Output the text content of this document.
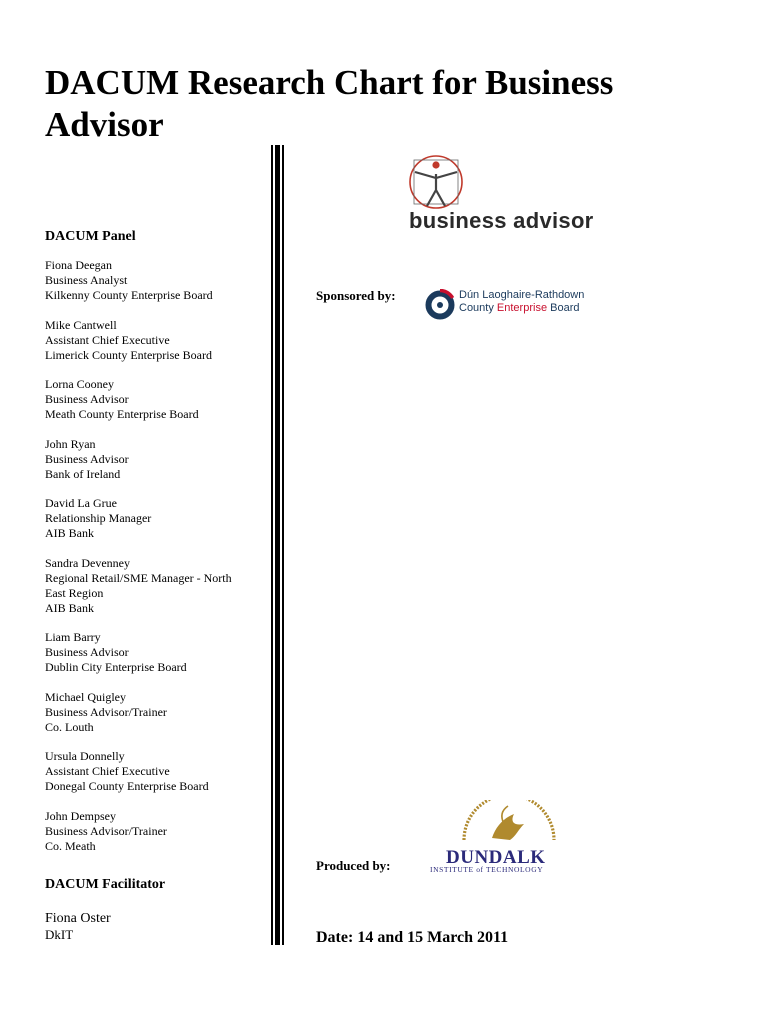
DACUM Research Chart for Business Advisor
DACUM Panel
Fiona Deegan
Business Analyst
Kilkenny County Enterprise Board
Mike Cantwell
Assistant Chief Executive
Limerick County Enterprise Board
Lorna Cooney
Business Advisor
Meath County Enterprise Board
John Ryan
Business Advisor
Bank of Ireland
David La Grue
Relationship Manager
AIB Bank
Sandra Devenney
Regional Retail/SME Manager - North
East Region
AIB Bank
Liam Barry
Business Advisor
Dublin City Enterprise Board
Michael Quigley
Business Advisor/Trainer
Co. Louth
Ursula Donnelly
Assistant Chief Executive
Donegal County Enterprise Board
John Dempsey
Business Advisor/Trainer
Co. Meath
DACUM Facilitator
Fiona Oster
DkIT
business advisor
Sponsored by:	Dún Laoghaire-Rathdown
County Enterprise Board
Produced by:	DUNDALK
INSTITUTE of TECHNOLOGY
Date: 14 and 15 March 2011
